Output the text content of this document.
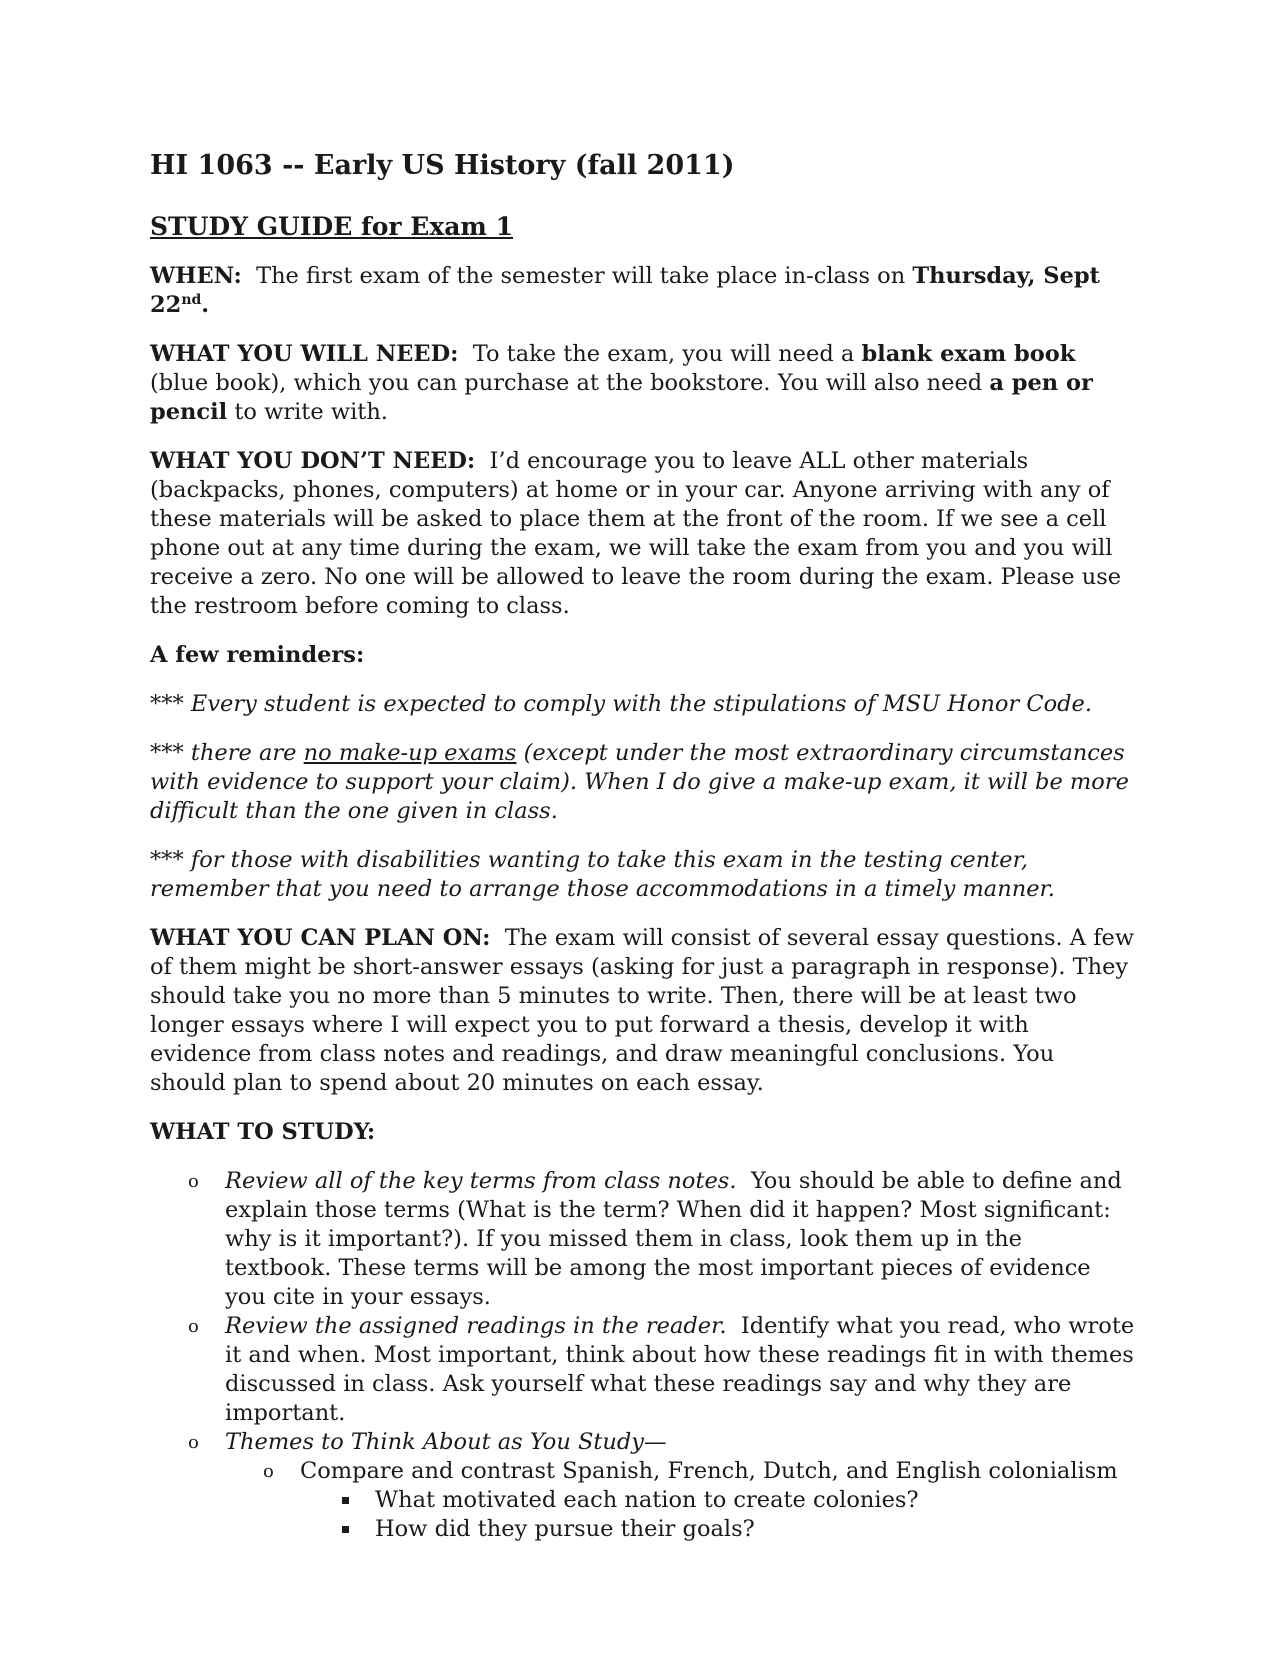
HI 1063 -- Early US History (fall 2011)
STUDY GUIDE for Exam 1

WHEN: The first exam of the semester will take place in-class on Thursday, Sept 22nd.

WHAT YOU WILL NEED: To take the exam, you will need a blank exam book (blue book), which you can purchase at the bookstore. You will also need a pen or pencil to write with.

WHAT YOU DON’T NEED: I’d encourage you to leave ALL other materials (backpacks, phones, computers) at home or in your car. Anyone arriving with any of these materials will be asked to place them at the front of the room. If we see a cell phone out at any time during the exam, we will take the exam from you and you will receive a zero. No one will be allowed to leave the room during the exam. Please use the restroom before coming to class.

A few reminders:

*** Every student is expected to comply with the stipulations of MSU Honor Code.

*** there are no make-up exams (except under the most extraordinary circumstances with evidence to support your claim). When I do give a make-up exam, it will be more difficult than the one given in class.

*** for those with disabilities wanting to take this exam in the testing center, remember that you need to arrange those accommodations in a timely manner.

WHAT YOU CAN PLAN ON: The exam will consist of several essay questions. A few of them might be short-answer essays (asking for just a paragraph in response). They should take you no more than 5 minutes to write. Then, there will be at least two longer essays where I will expect you to put forward a thesis, develop it with evidence from class notes and readings, and draw meaningful conclusions. You should plan to spend about 20 minutes on each essay.

WHAT TO STUDY:

o Review all of the key terms from class notes. You should be able to define and explain those terms (What is the term? When did it happen? Most significant: why is it important?). If you missed them in class, look them up in the textbook. These terms will be among the most important pieces of evidence you cite in your essays.
o Review the assigned readings in the reader. Identify what you read, who wrote it and when. Most important, think about how these readings fit in with themes discussed in class. Ask yourself what these readings say and why they are important.
o Themes to Think About as You Study—
o Compare and contrast Spanish, French, Dutch, and English colonialism
What motivated each nation to create colonies?
How did they pursue their goals?
